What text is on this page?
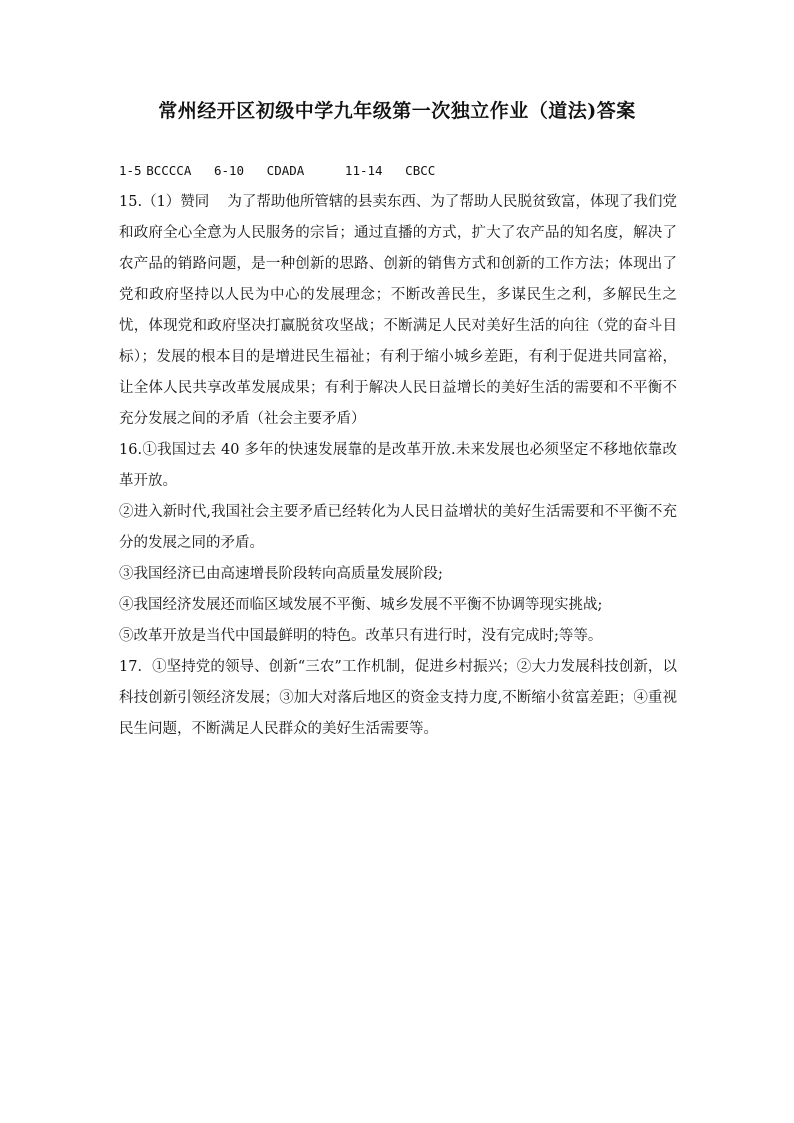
常州经开区初级中学九年级第一次独立作业（道法)答案

1-5 BCCCCA 6-10 CDADA	11-14 CBCC

15.（1）赞同 为了帮助他所管辖的县卖东西、为了帮助人民脱贫致富，体现了我们党和政府全心全意为人民服务的宗旨；通过直播的方式，扩大了农产品的知名度，解决了农产品的销路问题，是一种创新的思路、创新的销售方式和创新的工作方法；体现出了党和政府坚持以人民为中心的发展理念；不断改善民生，多谋民生之利，多解民生之忧，体现党和政府坚决打赢脱贫攻坚战；不断满足人民对美好生活的向往（党的奋斗目标）；发展的根本目的是增进民生福祉；有利于缩小城乡差距，有利于促进共同富裕，让全体人民共享改革发展成果；有利于解决人民日益增长的美好生活的需要和不平衡不充分发展之间的矛盾（社会主要矛盾）

16.①我国过去 40 多年的快速发展靠的是改革开放.未来发展也必须坚定不移地依靠改革开放。

②进入新时代,我国社会主要矛盾已经转化为人民日益增状的美好生活需要和不平衡不充分的发展之同的矛盾。

③我国经济已由高速增長阶段转向高质量发展阶段;

④我国经济发展还而临区域发展不平衡、城乡发展不平衡不协调等现实挑战;

⑤改革开放是当代中国最鲜明的特色。改革只有进行时，没有完成时;等等。

17．①坚持党的领导、创新“三农”工作机制，促进乡村振兴；②大力发展科技创新，以科技创新引领经济发展；③加大对落后地区的资金支持力度,不断缩小贫富差距；④重视民生问题，不断满足人民群众的美好生活需要等。
